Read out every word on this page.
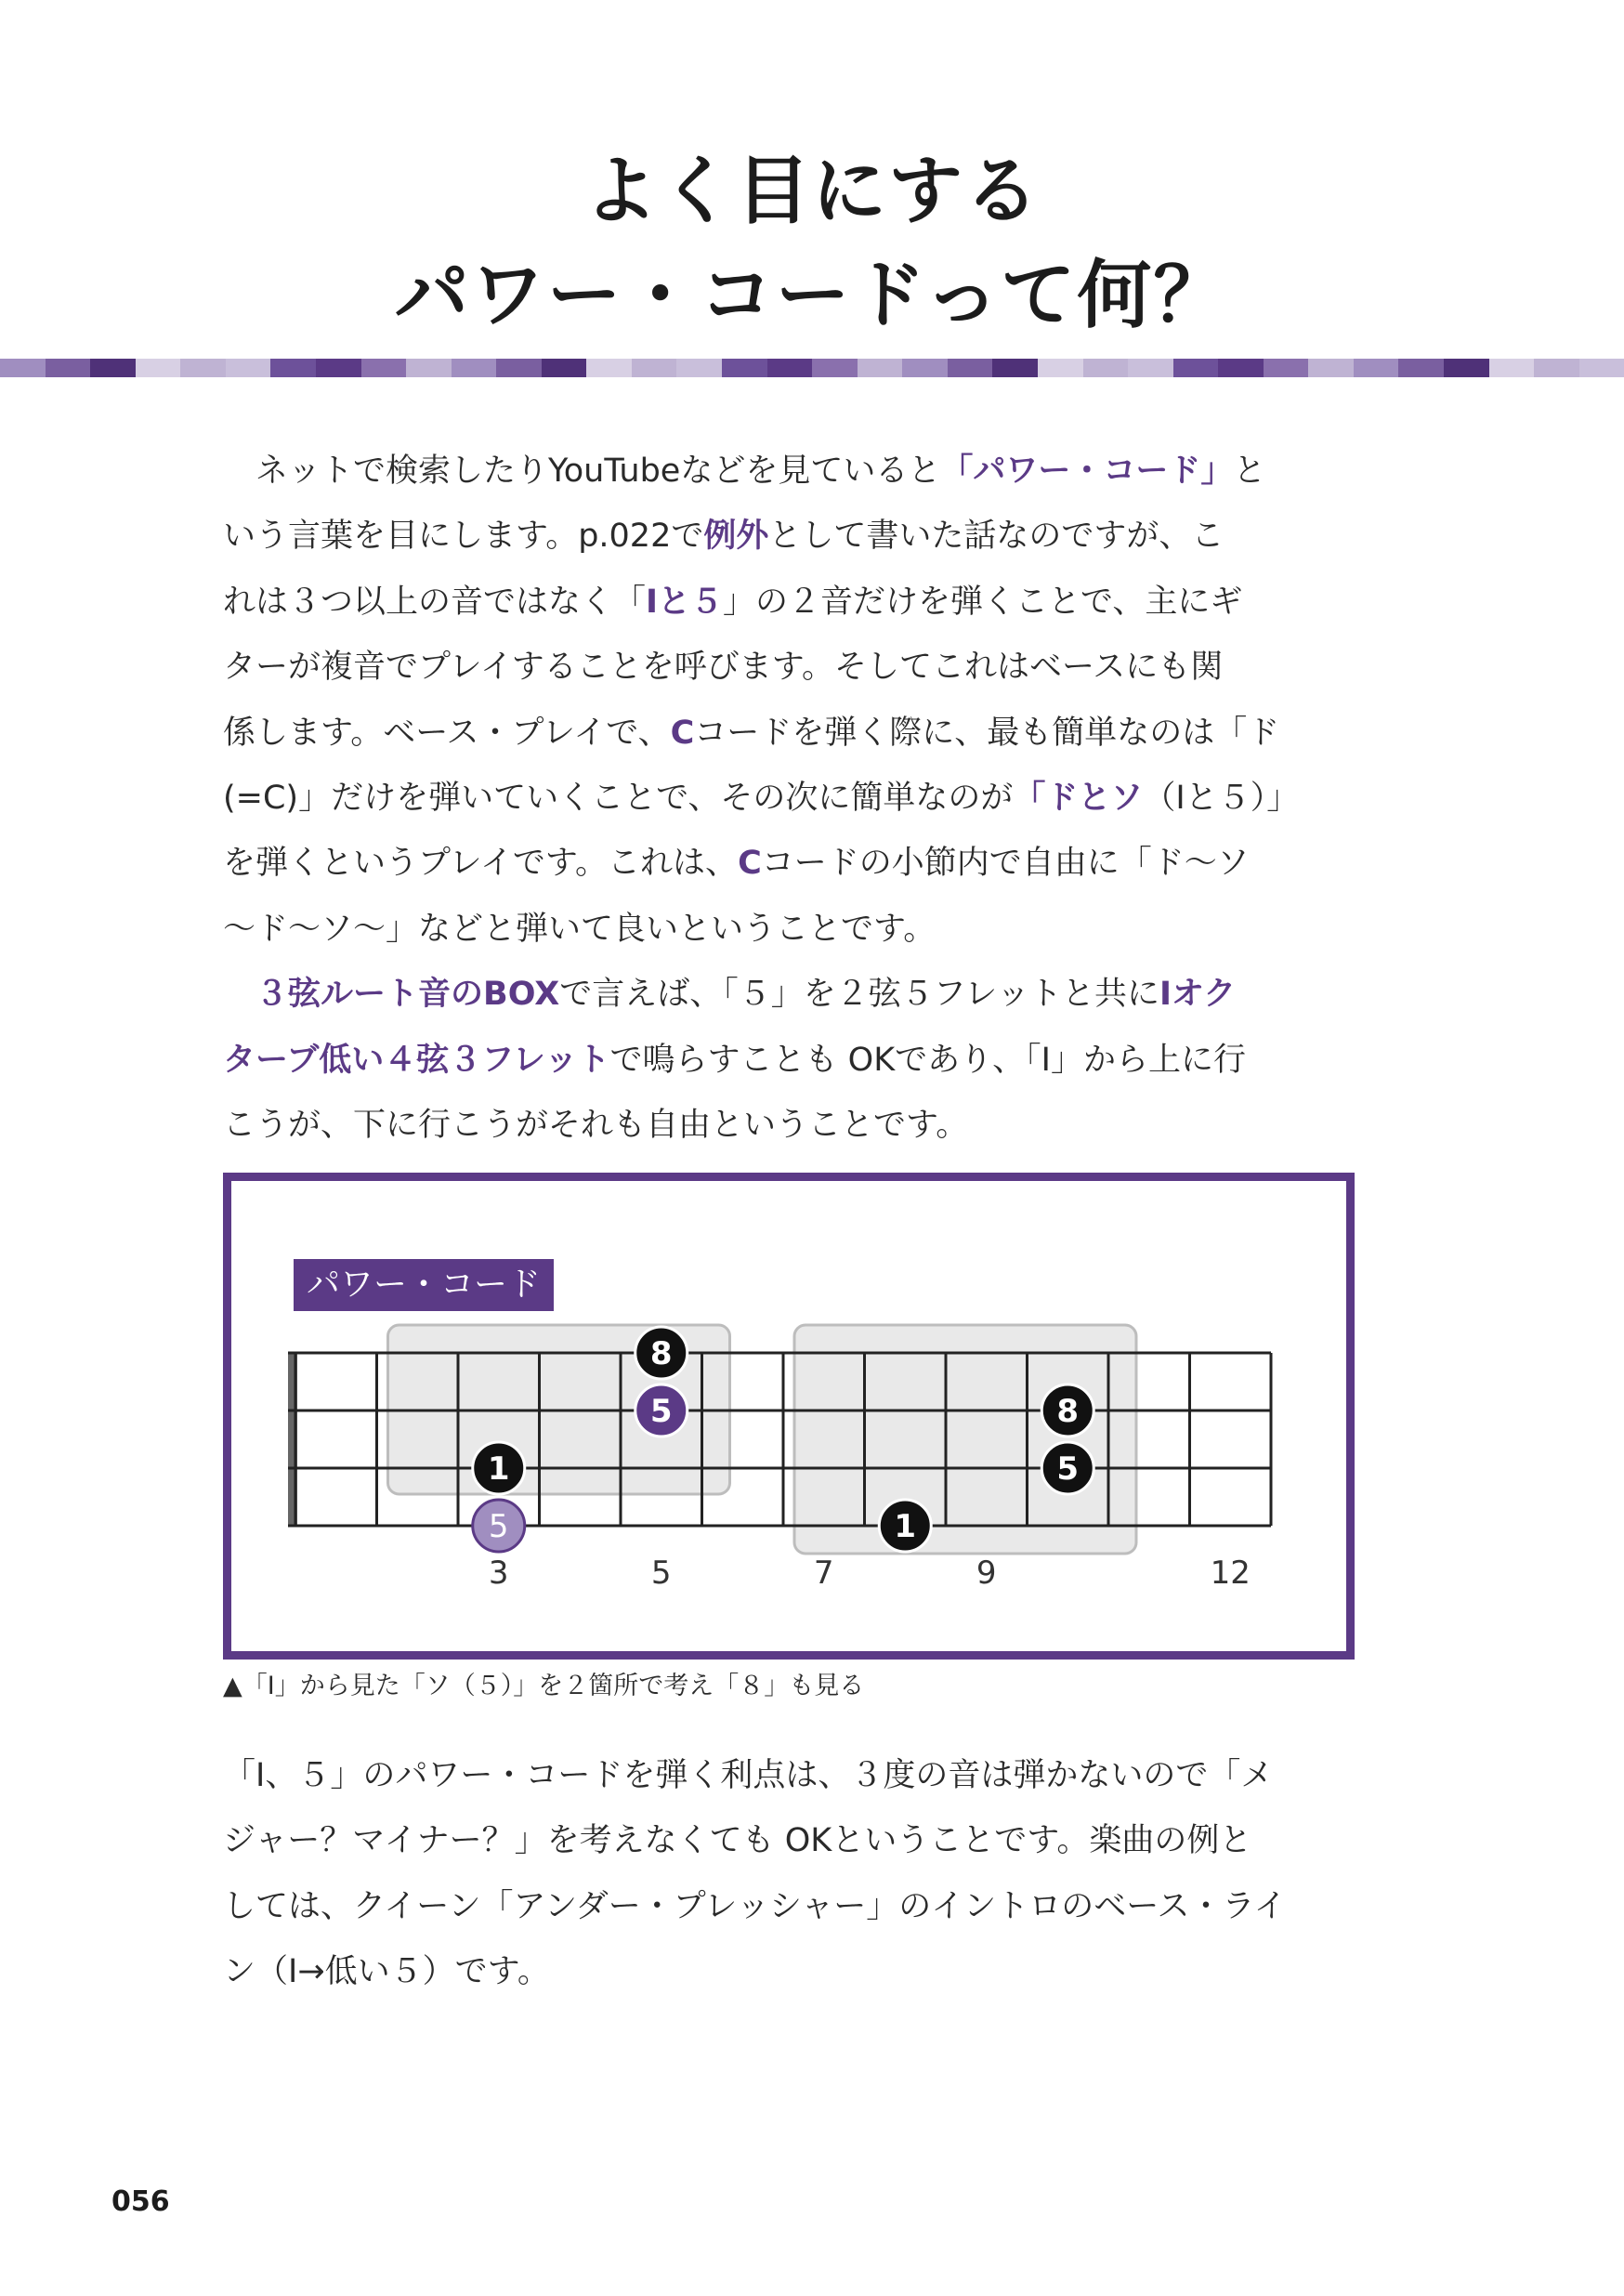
よく目にする
パワー・コードって何？
　ネットで検索したりYouTubeなどを見ていると「パワー・コード」と
いう言葉を目にします。p.022で例外として書いた話なのですが、こ
れは３つ以上の音ではなく「Ⅰと５」の２音だけを弾くことで、主にギ
ターが複音でプレイすることを呼びます。そしてこれはベースにも関
係します。ベース・プレイで、Cコードを弾く際に、最も簡単なのは「ド
(=C)」だけを弾いていくことで、その次に簡単なのが「ドとソ（Ⅰと５）」
を弾くというプレイです。これは、Cコードの小節内で自由に「ド〜ソ
〜ド〜ソ〜」などと弾いて良いということです。
　３弦ルート音のBOXで言えば、「５」を２弦５フレットと共にⅠオク
ターブ低い４弦３フレットで鳴らすことも OKであり、「Ⅰ」から上に行
こうが、下に行こうがそれも自由ということです。
パワー・コード
3	5	7	9	12
8
5
1
5
8
5
1
▲「Ⅰ」から見た「ソ（５）」を２箇所で考え「８」も見る
「Ⅰ、５」のパワー・コードを弾く利点は、３度の音は弾かないので「メ
ジャー？マイナー？」を考えなくても OKということです。楽曲の例と
しては、クイーン「アンダー・プレッシャー」のイントロのベース・ライ
ン（Ⅰ→低い５）です。
056
